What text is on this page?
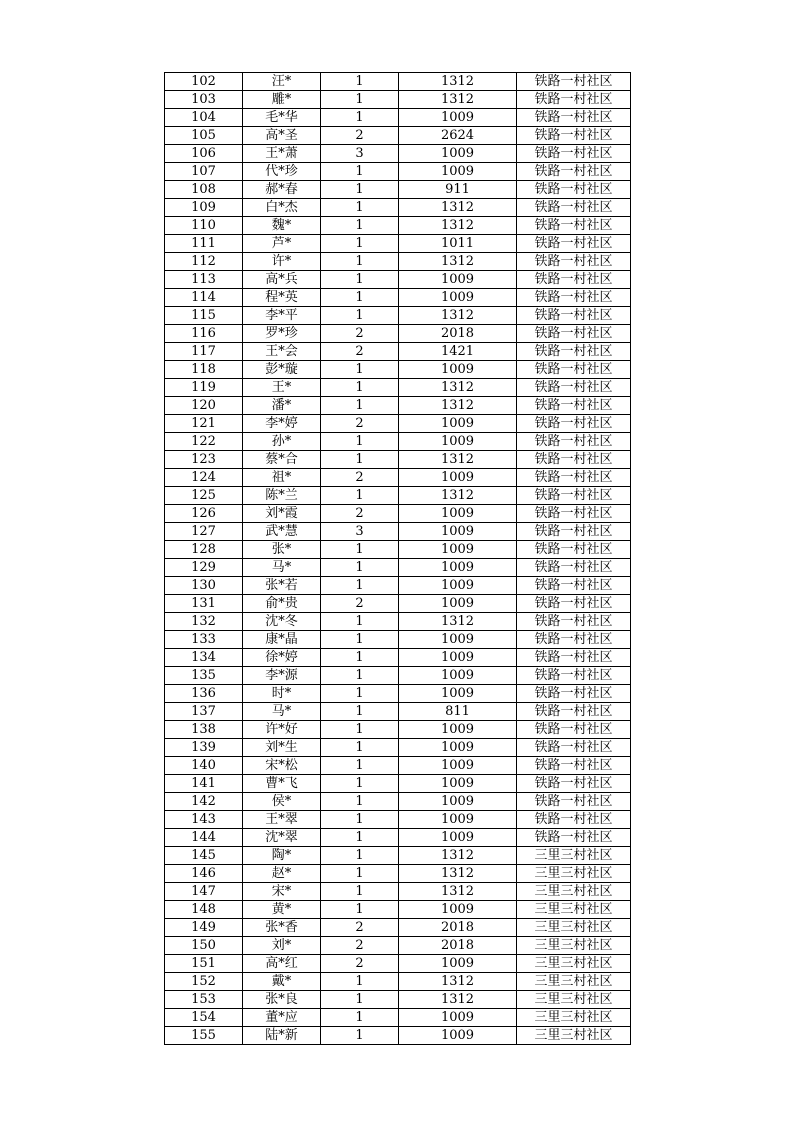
102	汪*	1	1312	铁路一村社区
103	雕*	1	1312	铁路一村社区
104	毛*华	1	1009	铁路一村社区
105	高*圣	2	2624	铁路一村社区
106	王*萧	3	1009	铁路一村社区
107	代*珍	1	1009	铁路一村社区
108	郝*春	1	911	铁路一村社区
109	白*杰	1	1312	铁路一村社区
110	魏*	1	1312	铁路一村社区
111	芦*	1	1011	铁路一村社区
112	许*	1	1312	铁路一村社区
113	高*兵	1	1009	铁路一村社区
114	程*英	1	1009	铁路一村社区
115	李*平	1	1312	铁路一村社区
116	罗*珍	2	2018	铁路一村社区
117	王*会	2	1421	铁路一村社区
118	彭*璇	1	1009	铁路一村社区
119	王*	1	1312	铁路一村社区
120	潘*	1	1312	铁路一村社区
121	李*婷	2	1009	铁路一村社区
122	孙*	1	1009	铁路一村社区
123	蔡*合	1	1312	铁路一村社区
124	祖*	2	1009	铁路一村社区
125	陈*兰	1	1312	铁路一村社区
126	刘*霞	2	1009	铁路一村社区
127	武*慧	3	1009	铁路一村社区
128	张*	1	1009	铁路一村社区
129	马*	1	1009	铁路一村社区
130	张*若	1	1009	铁路一村社区
131	俞*贵	2	1009	铁路一村社区
132	沈*冬	1	1312	铁路一村社区
133	康*晶	1	1009	铁路一村社区
134	徐*婷	1	1009	铁路一村社区
135	李*源	1	1009	铁路一村社区
136	时*	1	1009	铁路一村社区
137	马*	1	811	铁路一村社区
138	许*好	1	1009	铁路一村社区
139	刘*生	1	1009	铁路一村社区
140	宋*松	1	1009	铁路一村社区
141	曹*飞	1	1009	铁路一村社区
142	侯*	1	1009	铁路一村社区
143	王*翠	1	1009	铁路一村社区
144	沈*翠	1	1009	铁路一村社区
145	陶*	1	1312	三里三村社区
146	赵*	1	1312	三里三村社区
147	宋*	1	1312	三里三村社区
148	黄*	1	1009	三里三村社区
149	张*香	2	2018	三里三村社区
150	刘*	2	2018	三里三村社区
151	高*红	2	1009	三里三村社区
152	戴*	1	1312	三里三村社区
153	张*良	1	1312	三里三村社区
154	董*应	1	1009	三里三村社区
155	陆*新	1	1009	三里三村社区
